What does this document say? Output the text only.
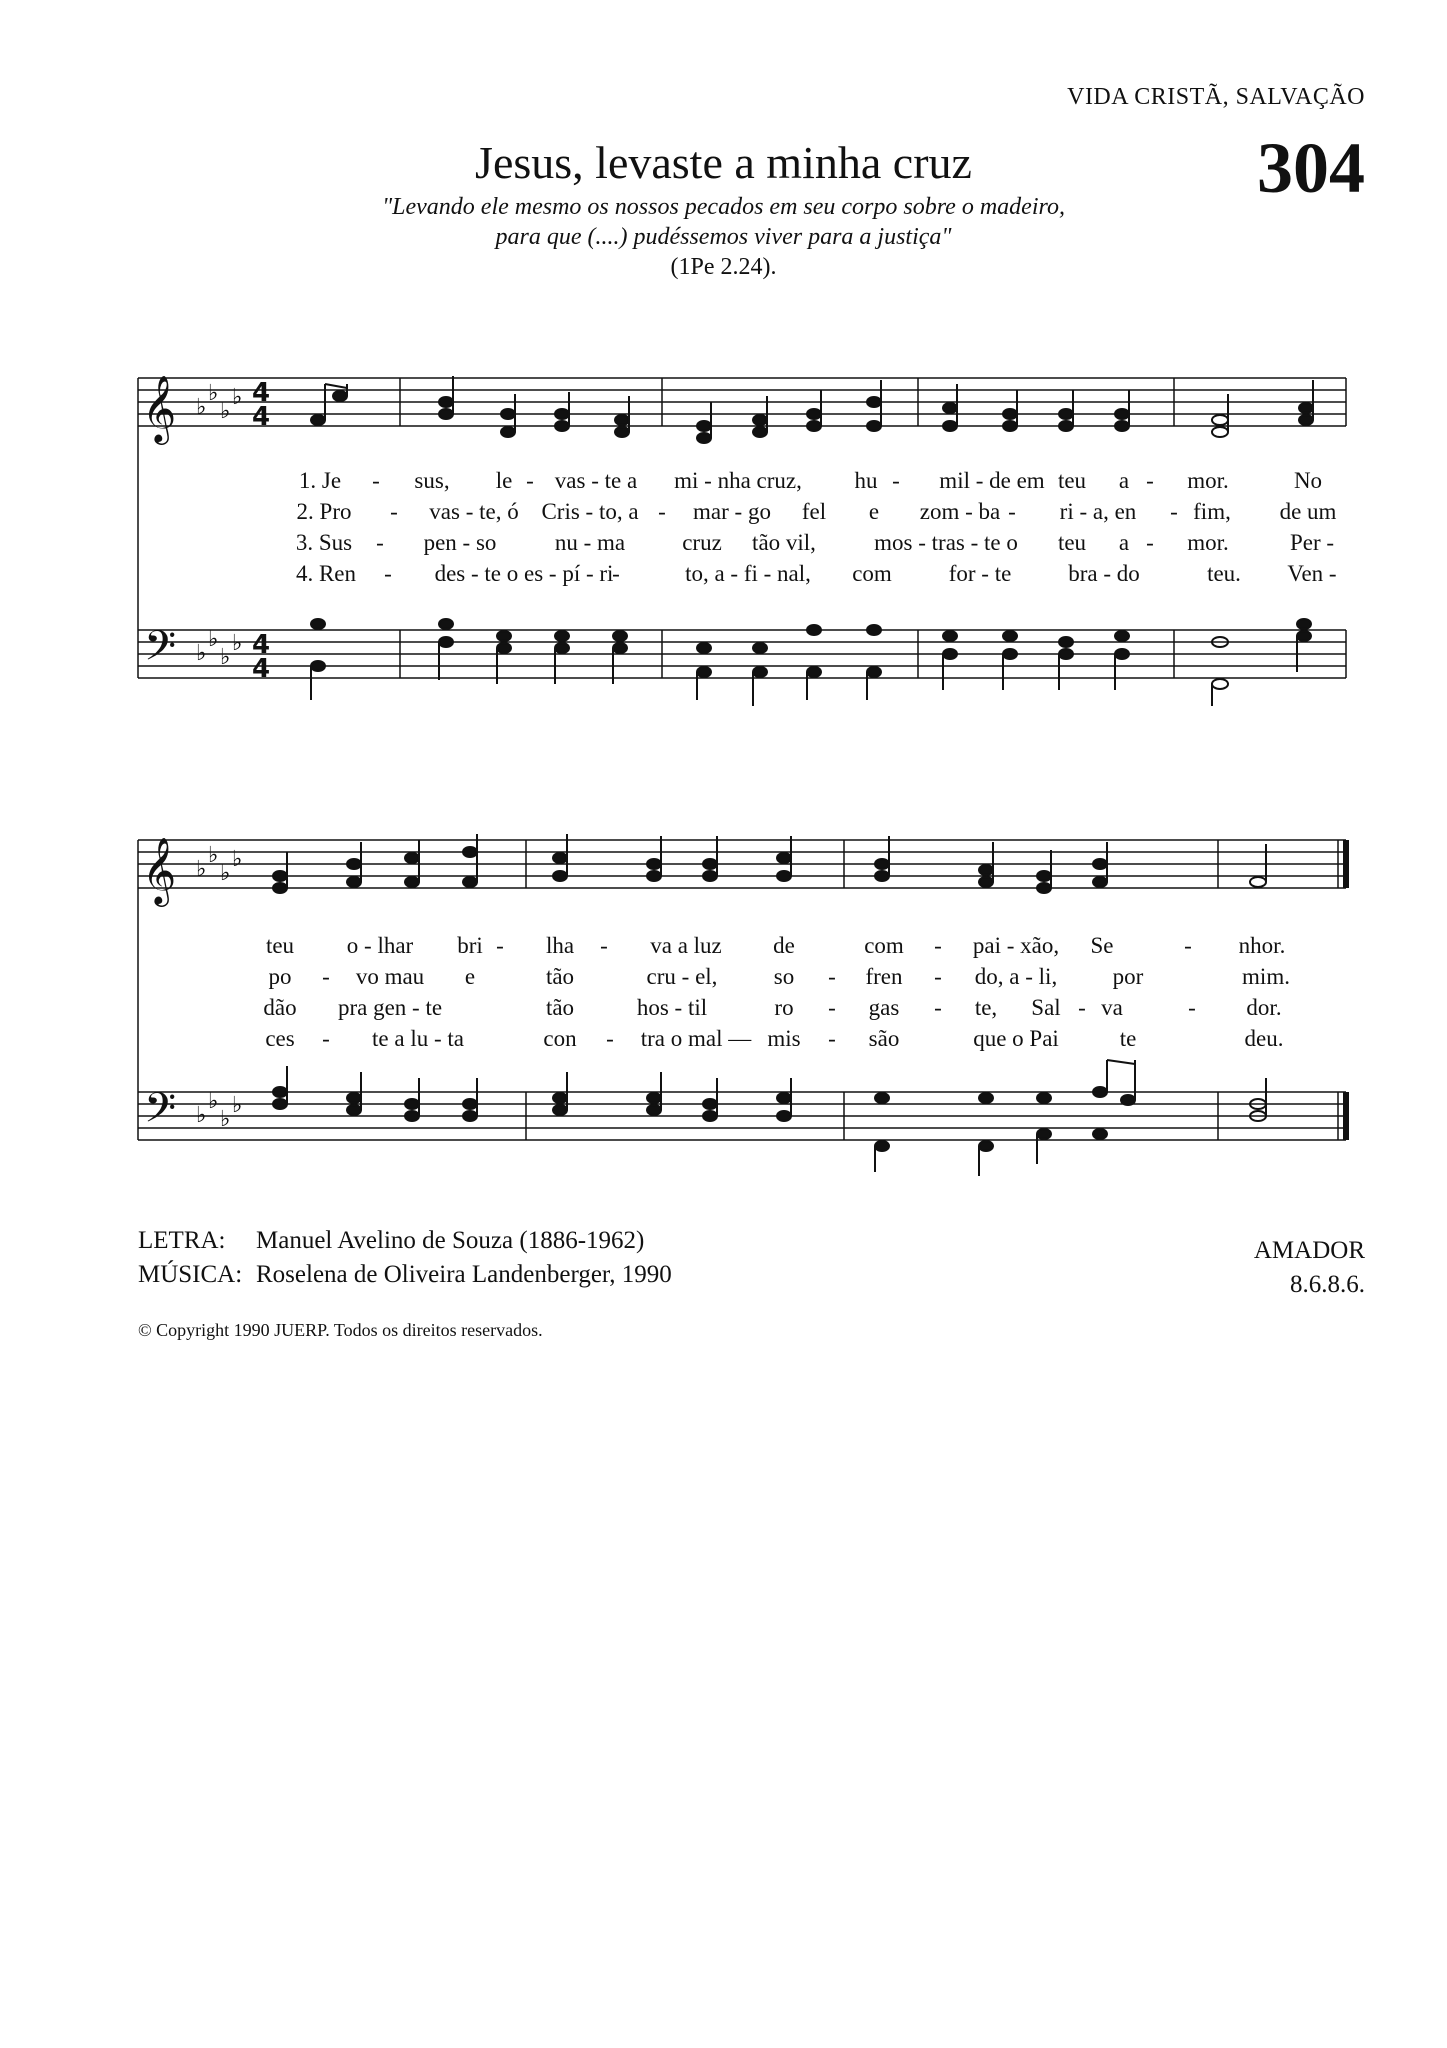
VIDA CRISTÃ, SALVAÇÃO
304
Jesus, levaste a minha cruz
"Levando ele mesmo os nossos pecados em seu corpo sobre o madeiro,
para que (....) pudéssemos viver para a justiça"
(1Pe 2.24).
𝄞 ♭
♭
♭
♭ 4
4
𝄢 ♭
♭
♭
♭ 4
4
𝄞 ♭
♭
♭
♭
𝄢 ♭
♭
♭
♭
1. Je - sus, le - vas - te a mi - nha cruz, hu - mil - de em teu a - mor.	No
2. Pro - vas - te, ó Cris - to, a - mar - go fel e zom - ba - ri - a, en - fim, de um
3. Sus - pen - so	nu - ma cruz tão vil,	mos - tras - te o teu a - mor.	Per -
4. Ren - des - te o es - pí - ri
-	to, a - fi - nal, com for - te bra - do	teu. Ven -
teu o - lhar bri - lha - va a luz de	com - pai - xão, Se	- nhor.
po - vo mau e	tão	cru - el, so - fren - do, a - li, por	mim.
dão pra gen - te	tão	hos - til	ro - gas - te, Sal - va	- dor.
ces - te a lu - ta	con - tra o mal — mis - são	que o Pai	te	deu.
LETRA: Manuel Avelino de Souza (1886-1962)
MÚSICA: Roselena de Oliveira Landenberger, 1990
AMADOR
8.6.8.6.
© Copyright 1990 JUERP. Todos os direitos reservados.
